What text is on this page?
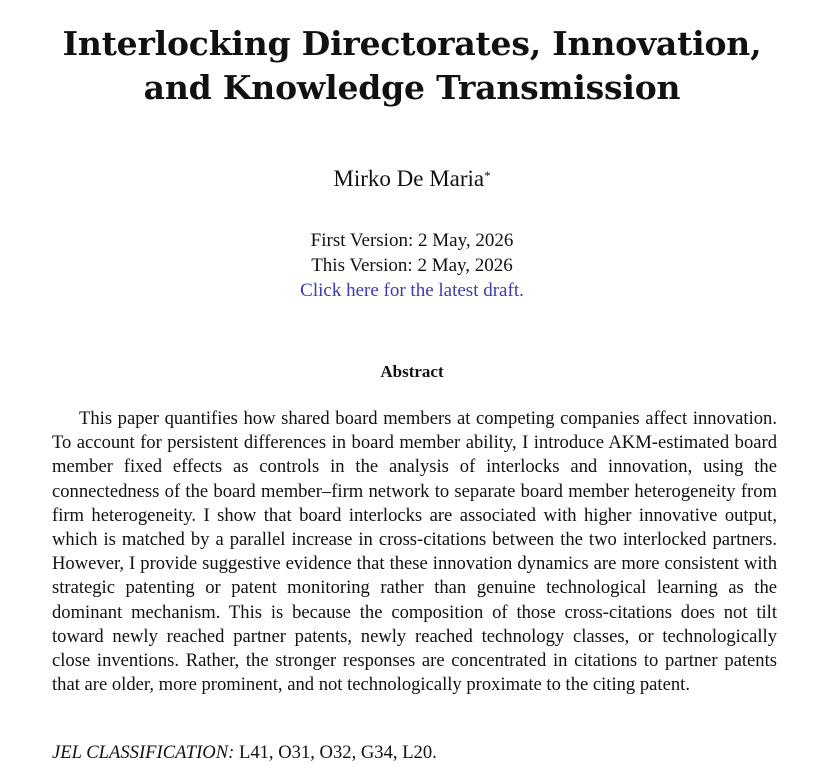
Interlocking Directorates, Innovation, and Knowledge Transmission
Mirko De Maria*
First Version: 2 May, 2026
This Version: 2 May, 2026
Click here for the latest draft.
Abstract

This paper quantifies how shared board members at competing companies affect innovation. To account for persistent differences in board member ability, I introduce AKM-estimated board member fixed effects as controls in the analysis of interlocks and innovation, using the connectedness of the board member–firm network to separate board member heterogeneity from firm heterogeneity. I show that board interlocks are associated with higher innovative output, which is matched by a parallel increase in cross-citations between the two interlocked partners. However, I provide suggestive evidence that these innovation dynamics are more consistent with strategic patenting or patent monitoring rather than genuine technological learning as the dominant mechanism. This is because the composition of those cross-citations does not tilt toward newly reached partner patents, newly reached technology classes, or technologically close inventions. Rather, the stronger responses are concentrated in citations to partner patents that are older, more prominent, and not technologically proximate to the citing patent.

JEL CLASSIFICATION: L41, O31, O32, G34, L20.
